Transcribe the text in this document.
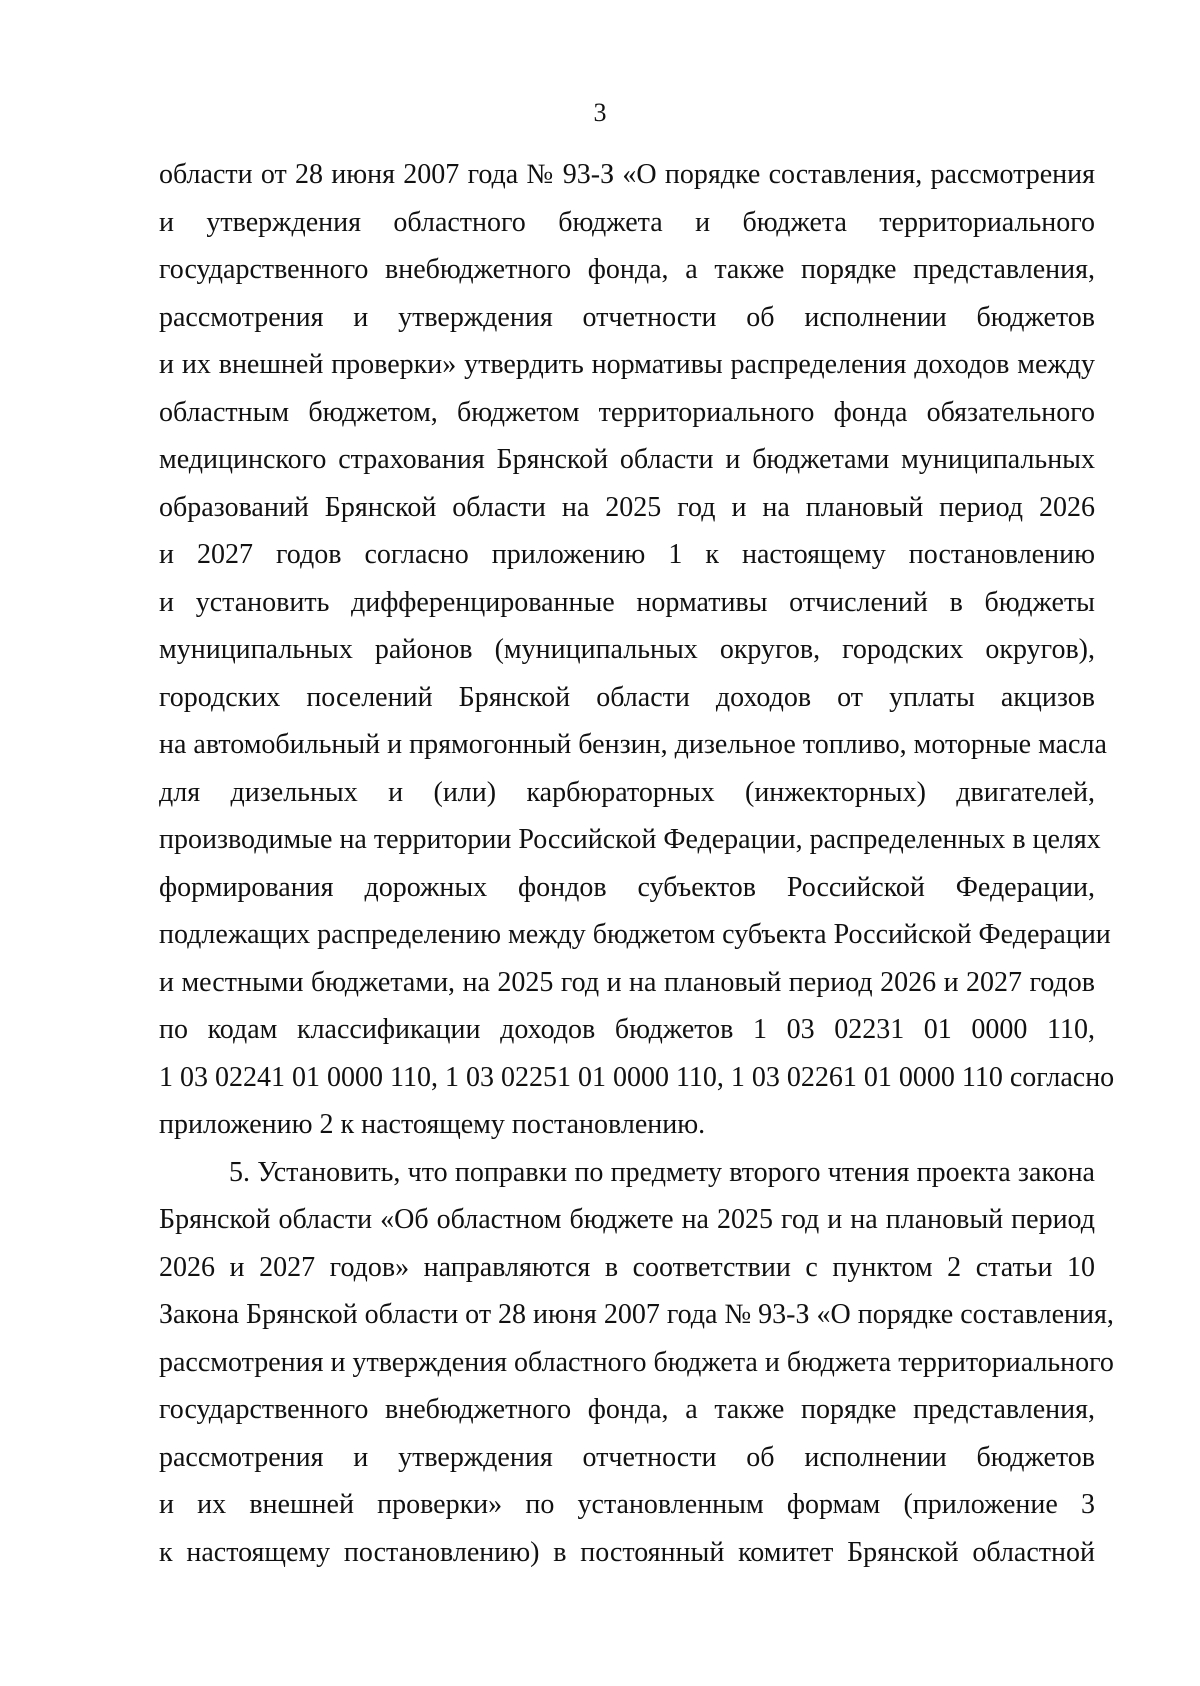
3

области от 28 июня 2007 года № 93-З «О порядке составления, рассмотрения
и утверждения областного бюджета и бюджета территориального
государственного внебюджетного фонда, а также порядке представления,
рассмотрения и утверждения отчетности об исполнении бюджетов
и их внешней проверки» утвердить нормативы распределения доходов между
областным бюджетом, бюджетом территориального фонда обязательного
медицинского страхования Брянской области и бюджетами муниципальных
образований Брянской области на 2025 год и на плановый период 2026
и 2027 годов согласно приложению 1 к настоящему постановлению
и установить дифференцированные нормативы отчислений в бюджеты
муниципальных районов (муниципальных округов, городских округов),
городских поселений Брянской области доходов от уплаты акцизов
на автомобильный и прямогонный бензин, дизельное топливо, моторные масла
для дизельных и (или) карбюраторных (инжекторных) двигателей,
производимые на территории Российской Федерации, распределенных в целях
формирования дорожных фондов субъектов Российской Федерации,
подлежащих распределению между бюджетом субъекта Российской Федерации
и местными бюджетами, на 2025 год и на плановый период 2026 и 2027 годов
по кодам классификации доходов бюджетов 1 03 02231 01 0000 110,
1 03 02241 01 0000 110, 1 03 02251 01 0000 110, 1 03 02261 01 0000 110 согласно
приложению 2 к настоящему постановлению.

5. Установить, что поправки по предмету второго чтения проекта закона
Брянской области «Об областном бюджете на 2025 год и на плановый период
2026 и 2027 годов» направляются в соответствии с пунктом 2 статьи 10
Закона Брянской области от 28 июня 2007 года № 93-З «О порядке составления,
рассмотрения и утверждения областного бюджета и бюджета территориального
государственного внебюджетного фонда, а также порядке представления,
рассмотрения и утверждения отчетности об исполнении бюджетов
и их внешней проверки» по установленным формам (приложение 3
к настоящему постановлению) в постоянный комитет Брянской областной
